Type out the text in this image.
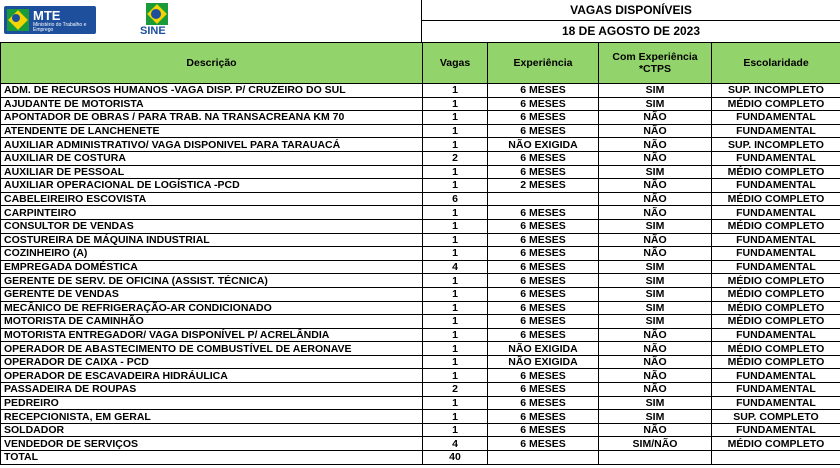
MTE
Ministério do Trabalho e Emprego	SINE
VAGAS DISPONÍVEIS
18 DE AGOSTO DE 2023
Descrição	Vagas	Experiência	Com Experiência *CTPS	Escolaridade
ADM. DE RECURSOS HUMANOS -VAGA DISP. P/ CRUZEIRO DO SUL	1	6 MESES	SIM	SUP. INCOMPLETO
AJUDANTE DE MOTORISTA	1	6 MESES	SIM	MÉDIO COMPLETO
APONTADOR DE OBRAS / PARA TRAB. NA TRANSACREANA KM 70	1	6 MESES	NÃO	FUNDAMENTAL
ATENDENTE DE LANCHENETE	1	6 MESES	NÃO	FUNDAMENTAL
AUXILIAR ADMINISTRATIVO/ VAGA DISPONIVEL PARA TARAUACÁ	1	NÃO EXIGIDA	NÃO	SUP. INCOMPLETO
AUXILIAR DE COSTURA	2	6 MESES	NÃO	FUNDAMENTAL
AUXILIAR DE PESSOAL	1	6 MESES	SIM	MÉDIO COMPLETO
AUXILIAR OPERACIONAL DE LOGÍSTICA -PCD	1	2 MESES	NÃO	FUNDAMENTAL
CABELEIREIRO ESCOVISTA	6		NÃO	MÉDIO COMPLETO
CARPINTEIRO	1	6 MESES	NÃO	FUNDAMENTAL
CONSULTOR DE VENDAS	1	6 MESES	SIM	MÉDIO COMPLETO
COSTUREIRA DE MÁQUINA INDUSTRIAL	1	6 MESES	NÃO	FUNDAMENTAL
COZINHEIRO (A)	1	6 MESES	NÃO	FUNDAMENTAL
EMPREGADA DOMÉSTICA	4	6 MESES	SIM	FUNDAMENTAL
GERENTE DE SERV. DE OFICINA (ASSIST. TÉCNICA)	1	6 MESES	SIM	MÉDIO COMPLETO
GERENTE DE VENDAS	1	6 MESES	SIM	MÉDIO COMPLETO
MECÂNICO DE REFRIGERAÇÃO-AR CONDICIONADO	1	6 MESES	SIM	MÉDIO COMPLETO
MOTORISTA DE CAMINHÃO	1	6 MESES	SIM	MÉDIO COMPLETO
MOTORISTA ENTREGADOR/ VAGA DISPONÍVEL P/ ACRELÂNDIA	1	6 MESES	NÃO	FUNDAMENTAL
OPERADOR DE ABASTECIMENTO DE COMBUSTÍVEL DE AERONAVE	1	NÃO EXIGIDA	NÃO	MÉDIO COMPLETO
OPERADOR DE CAIXA - PCD	1	NÃO EXIGIDA	NÃO	MÉDIO COMPLETO
OPERADOR DE ESCAVADEIRA HIDRÁULICA	1	6 MESES	NÃO	FUNDAMENTAL
PASSADEIRA DE ROUPAS	2	6 MESES	NÃO	FUNDAMENTAL
PEDREIRO	1	6 MESES	SIM	FUNDAMENTAL
RECEPCIONISTA, EM GERAL	1	6 MESES	SIM	SUP. COMPLETO
SOLDADOR	1	6 MESES	NÃO	FUNDAMENTAL
VENDEDOR DE SERVIÇOS	4	6 MESES	SIM/NÃO	MÉDIO COMPLETO
TOTAL	40			
